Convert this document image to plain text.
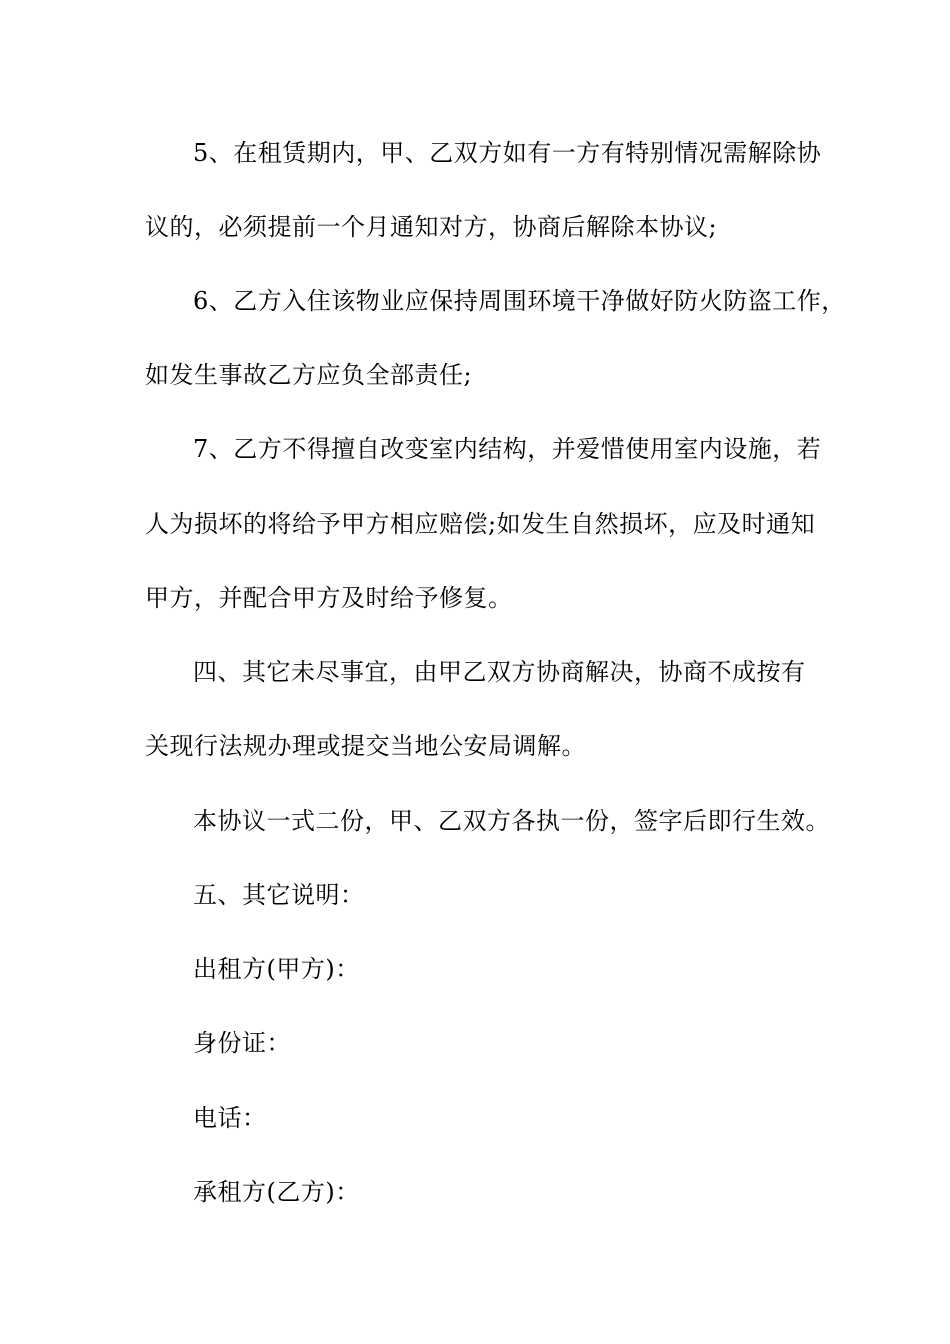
5、在租赁期内，甲、乙双方如有一方有特别情况需解除协
议的，必须提前一个月通知对方，协商后解除本协议;
6、乙方入住该物业应保持周围环境干净做好防火防盗工作，
如发生事故乙方应负全部责任;
7、乙方不得擅自改变室内结构，并爱惜使用室内设施，若
人为损坏的将给予甲方相应赔偿;如发生自然损坏，应及时通知
甲方，并配合甲方及时给予修复。
四、其它未尽事宜，由甲乙双方协商解决，协商不成按有
关现行法规办理或提交当地公安局调解。
本协议一式二份，甲、乙双方各执一份，签字后即行生效。
五、其它说明：
出租方(甲方)：
身份证：
电话：
承租方(乙方)：
